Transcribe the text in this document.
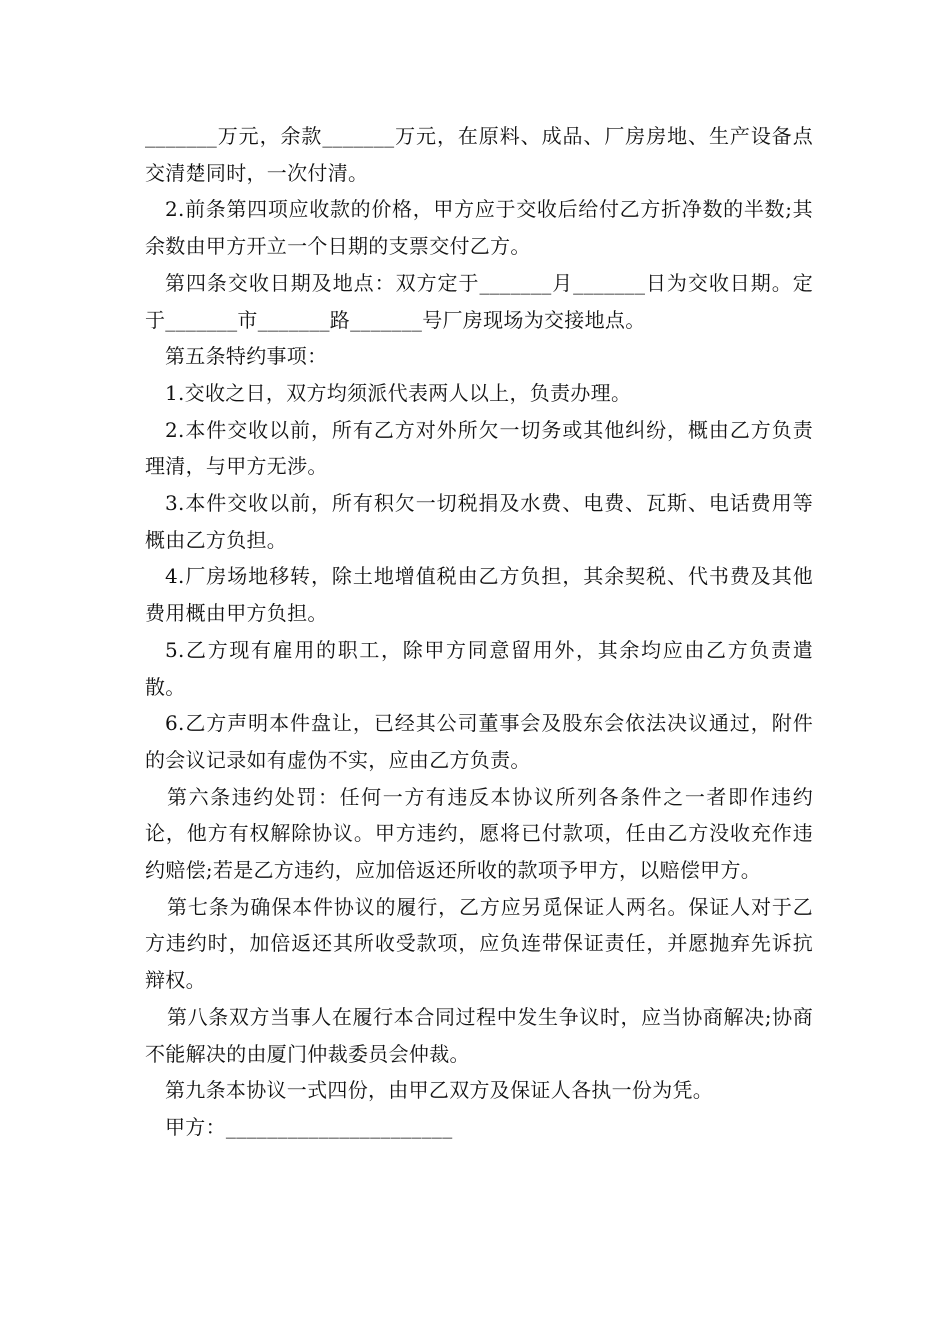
_______万元，余款_______万元，在原料、成品、厂房房地、生产设备点交清楚同时，一次付清。

2.前条第四项应收款的价格，甲方应于交收后给付乙方折净数的半数;其余数由甲方开立一个日期的支票交付乙方。

第四条交收日期及地点：双方定于_______月_______日为交收日期。定于_______市_______路_______号厂房现场为交接地点。

第五条特约事项：

1.交收之日，双方均须派代表两人以上，负责办理。

2.本件交收以前，所有乙方对外所欠一切务或其他纠纷，概由乙方负责理清，与甲方无涉。

3.本件交收以前，所有积欠一切税捐及水费、电费、瓦斯、电话费用等概由乙方负担。

4.厂房场地移转，除土地增值税由乙方负担，其余契税、代书费及其他费用概由甲方负担。

5.乙方现有雇用的职工，除甲方同意留用外，其余均应由乙方负责遣散。

6.乙方声明本件盘让，已经其公司董事会及股东会依法决议通过，附件的会议记录如有虚伪不实，应由乙方负责。

第六条违约处罚：任何一方有违反本协议所列各条件之一者即作违约论，他方有权解除协议。甲方违约，愿将已付款项，任由乙方没收充作违约赔偿;若是乙方违约，应加倍返还所收的款项予甲方，以赔偿甲方。

第七条为确保本件协议的履行，乙方应另觅保证人两名。保证人对于乙方违约时，加倍返还其所收受款项，应负连带保证责任，并愿抛弃先诉抗辩权。

第八条双方当事人在履行本合同过程中发生争议时，应当协商解决;协商不能解决的由厦门仲裁委员会仲裁。

第九条本协议一式四份，由甲乙双方及保证人各执一份为凭。

甲方：______________________
